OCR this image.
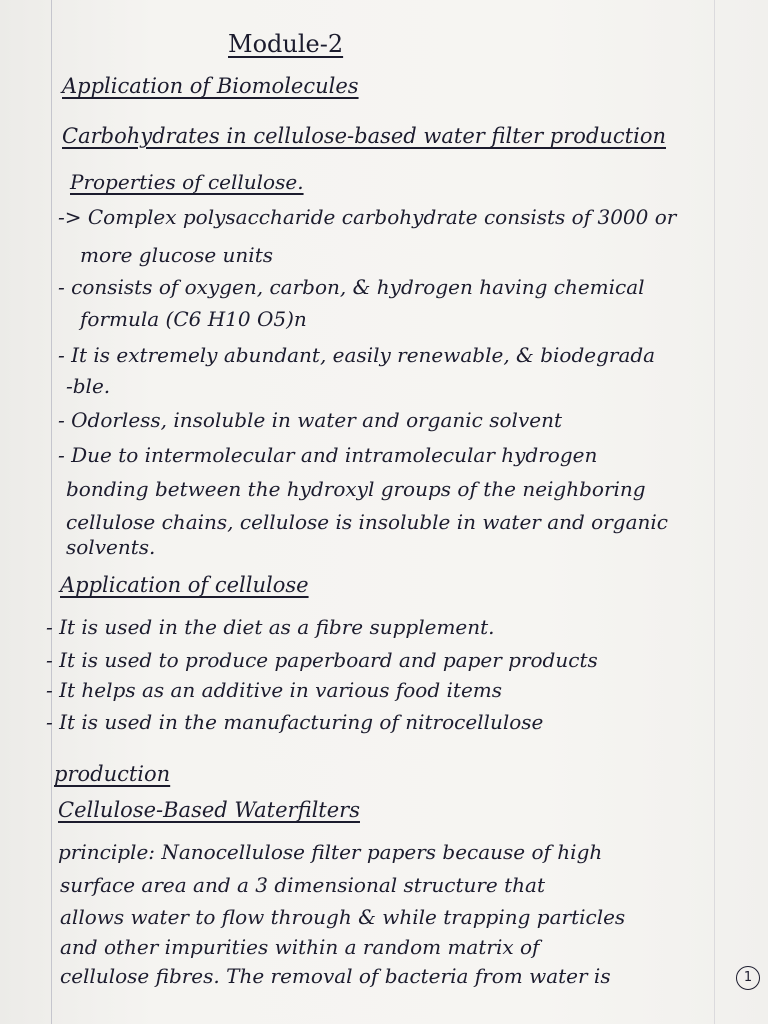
Module-2
Application of Biomolecules
Carbohydrates in cellulose-based water filter production
Properties of cellulose.
-> Complex polysaccharide carbohydrate consists of 3000 or
more glucose units
- consists of oxygen, carbon, & hydrogen having chemical
formula (C6 H10 O5)n
- It is extremely abundant, easily renewable, & biodegrada
-ble.
- Odorless, insoluble in water and organic solvent
- Due to intermolecular and intramolecular hydrogen
bonding between the hydroxyl groups of the neighboring
cellulose chains, cellulose is insoluble in water and organic
solvents.
Application of cellulose
- It is used in the diet as a fibre supplement.
- It is used to produce paperboard and paper products
- It helps as an additive in various food items
- It is used in the manufacturing of nitrocellulose
production
Cellulose-Based Waterfilters
principle: Nanocellulose filter papers because of high
surface area and a 3 dimensional structure that
allows water to flow through & while trapping particles
and other impurities within a random matrix of
cellulose fibres. The removal of bacteria from water is	1
